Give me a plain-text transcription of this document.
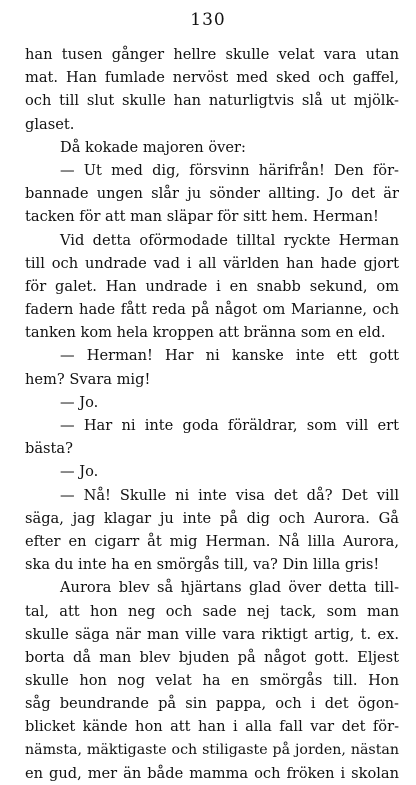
130
han tusen gånger hellre skulle velat vara utan
mat. Han fumlade nervöst med sked och gaffel,
och till slut skulle han naturligtvis slå ut mjölk-
glaset.
Då kokade majoren över:
— Ut med dig, försvinn härifrån! Den för-
bannade ungen slår ju sönder allting. Jo det är
tacken för att man släpar för sitt hem. Herman!
Vid detta oförmodade tilltal ryckte Herman
till och undrade vad i all världen han hade gjort
för galet. Han undrade i en snabb sekund, om
fadern hade fått reda på något om Marianne, och
tanken kom hela kroppen att bränna som en eld.
— Herman! Har ni kanske inte ett gott
hem? Svara mig!
— Jo.
— Har ni inte goda föräldrar, som vill ert
bästa?
— Jo.
— Nå! Skulle ni inte visa det då? Det vill
säga, jag klagar ju inte på dig och Aurora. Gå
efter en cigarr åt mig Herman. Nå lilla Aurora,
ska du inte ha en smörgås till, va? Din lilla gris!
Aurora blev så hjärtans glad över detta till-
tal, att hon neg och sade nej tack, som man
skulle säga när man ville vara riktigt artig, t. ex.
borta då man blev bjuden på något gott. Eljest
skulle hon nog velat ha en smörgås till. Hon
såg beundrande på sin pappa, och i det ögon-
blicket kände hon att han i alla fall var det för-
nämsta, mäktigaste och stiligaste på jorden, nästan
en gud, mer än både mamma och fröken i skolan
